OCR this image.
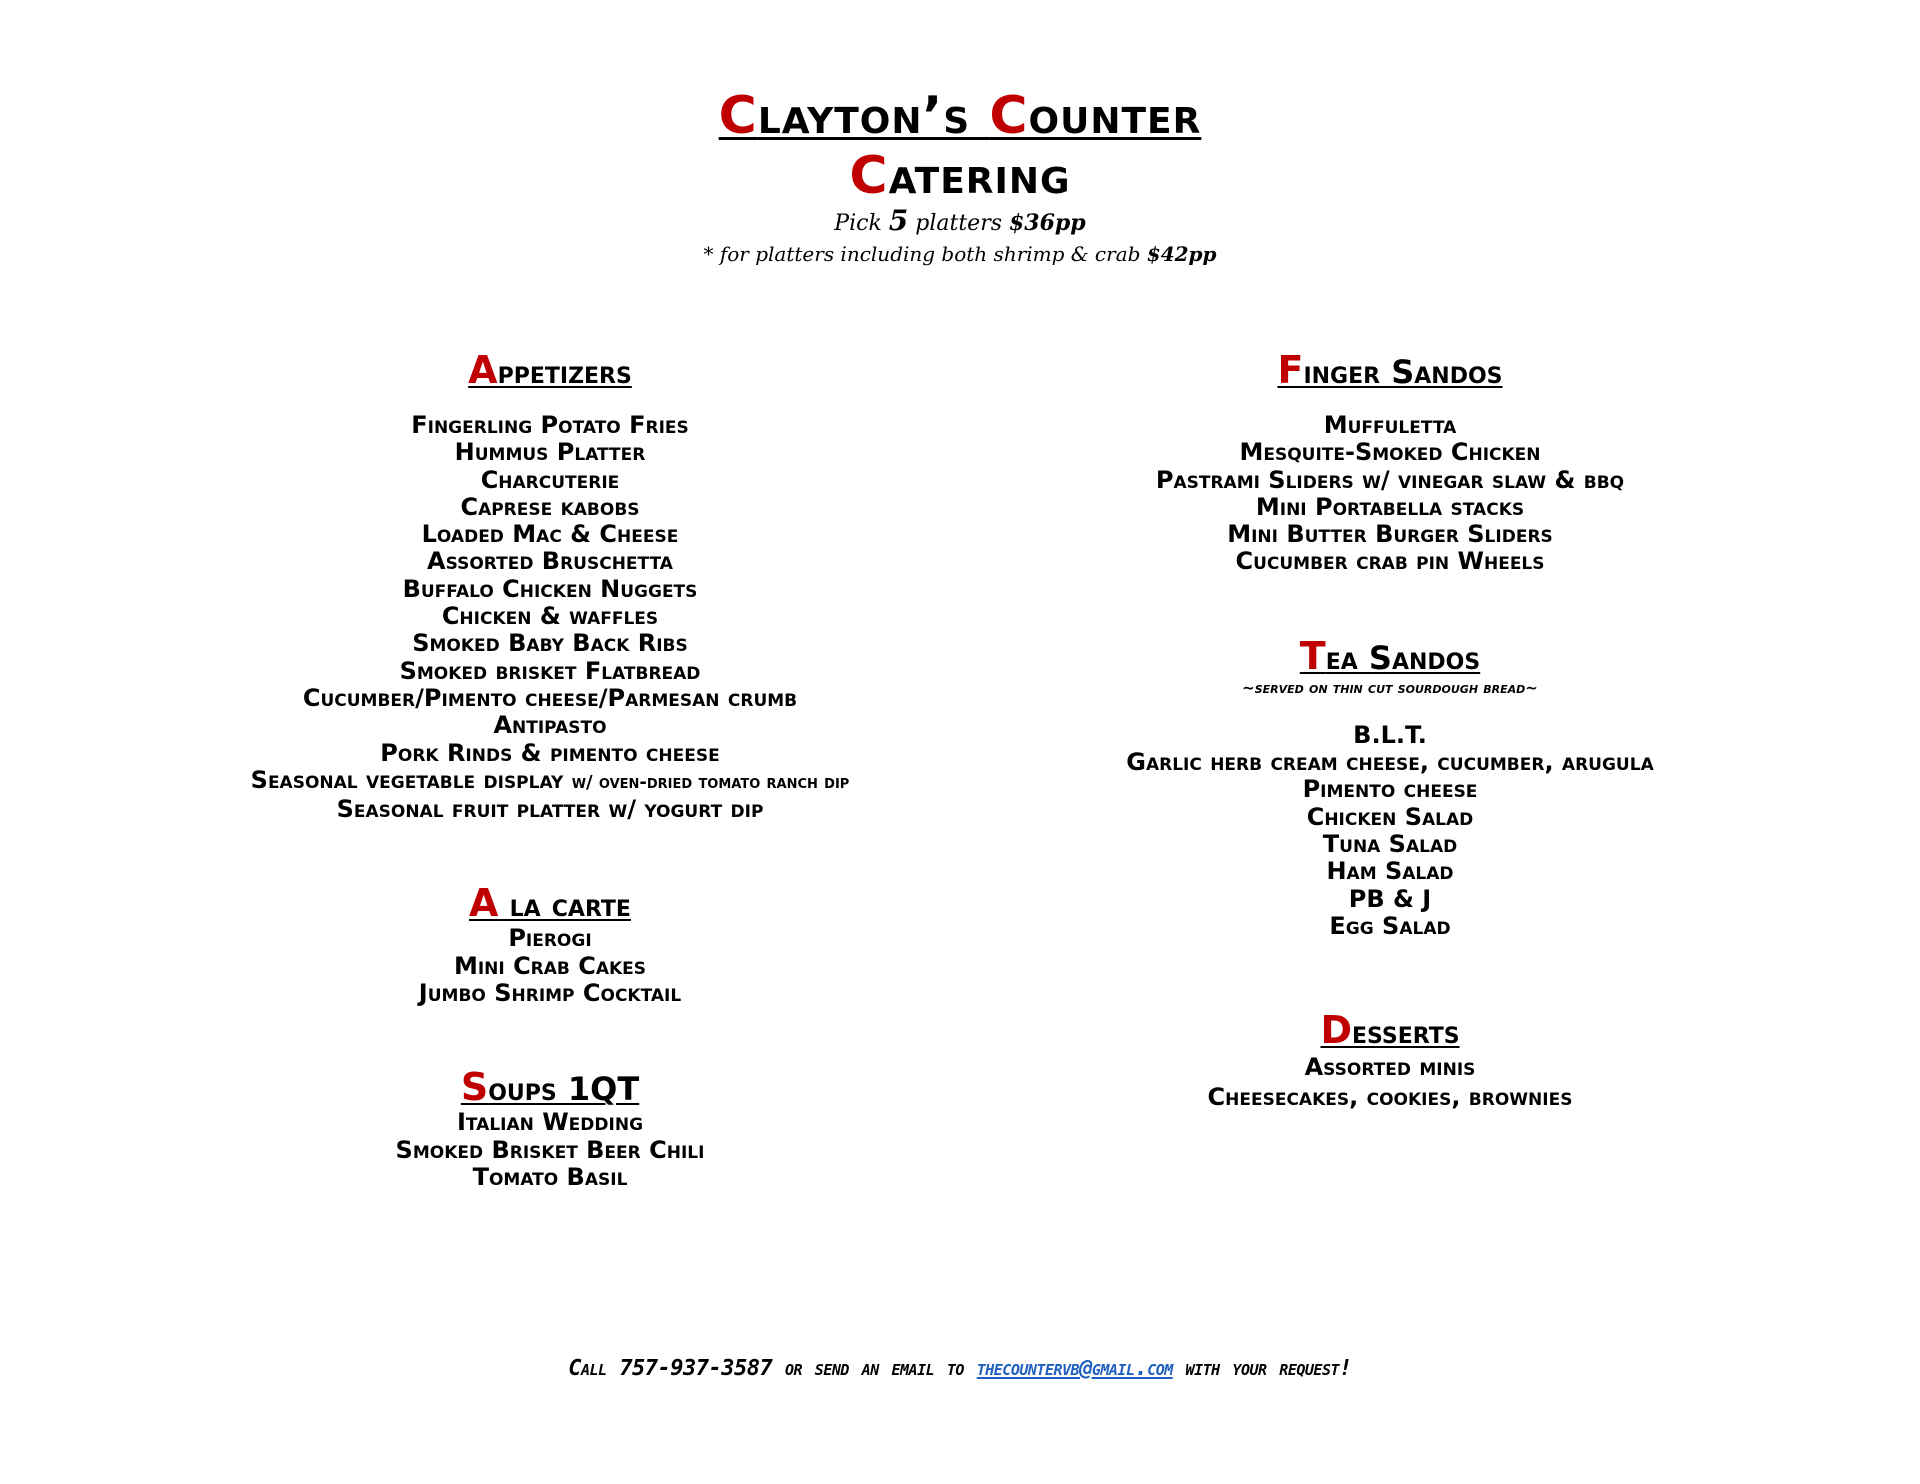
Clayton’s Counter
Catering
Pick 5 platters $36pp
* for platters including both shrimp & crab $42pp
Appetizers
Fingerling Potato Fries
Hummus Platter
Charcuterie
Caprese kabobs
Loaded Mac & Cheese
Assorted Bruschetta
Buffalo Chicken Nuggets
Chicken & waffles
Smoked Baby Back Ribs
Smoked brisket Flatbread
Cucumber/Pimento cheese/Parmesan crumb
Antipasto
Pork Rinds & pimento cheese
Seasonal vegetable display w/ oven-dried tomato ranch dip
Seasonal fruit platter w/ yogurt dip
A la carte
Pierogi
Mini Crab Cakes
Jumbo Shrimp Cocktail
Soups 1QT
Italian Wedding
Smoked Brisket Beer Chili
Tomato Basil
Finger Sandos
Muffuletta
Mesquite-Smoked Chicken
Pastrami Sliders w/ vinegar slaw & bbq
Mini Portabella stacks
Mini Butter Burger Sliders
Cucumber crab pin Wheels
Tea Sandos
~served on thin cut sourdough bread~
B.L.T.
Garlic herb cream cheese, cucumber, arugula
Pimento cheese
Chicken Salad
Tuna Salad
Ham Salad
PB & J
Egg Salad
Desserts
Assorted minis
Cheesecakes, cookies, brownies
Call 757-937-3587 or send an email to thecountervb@gmail.com with your request!
